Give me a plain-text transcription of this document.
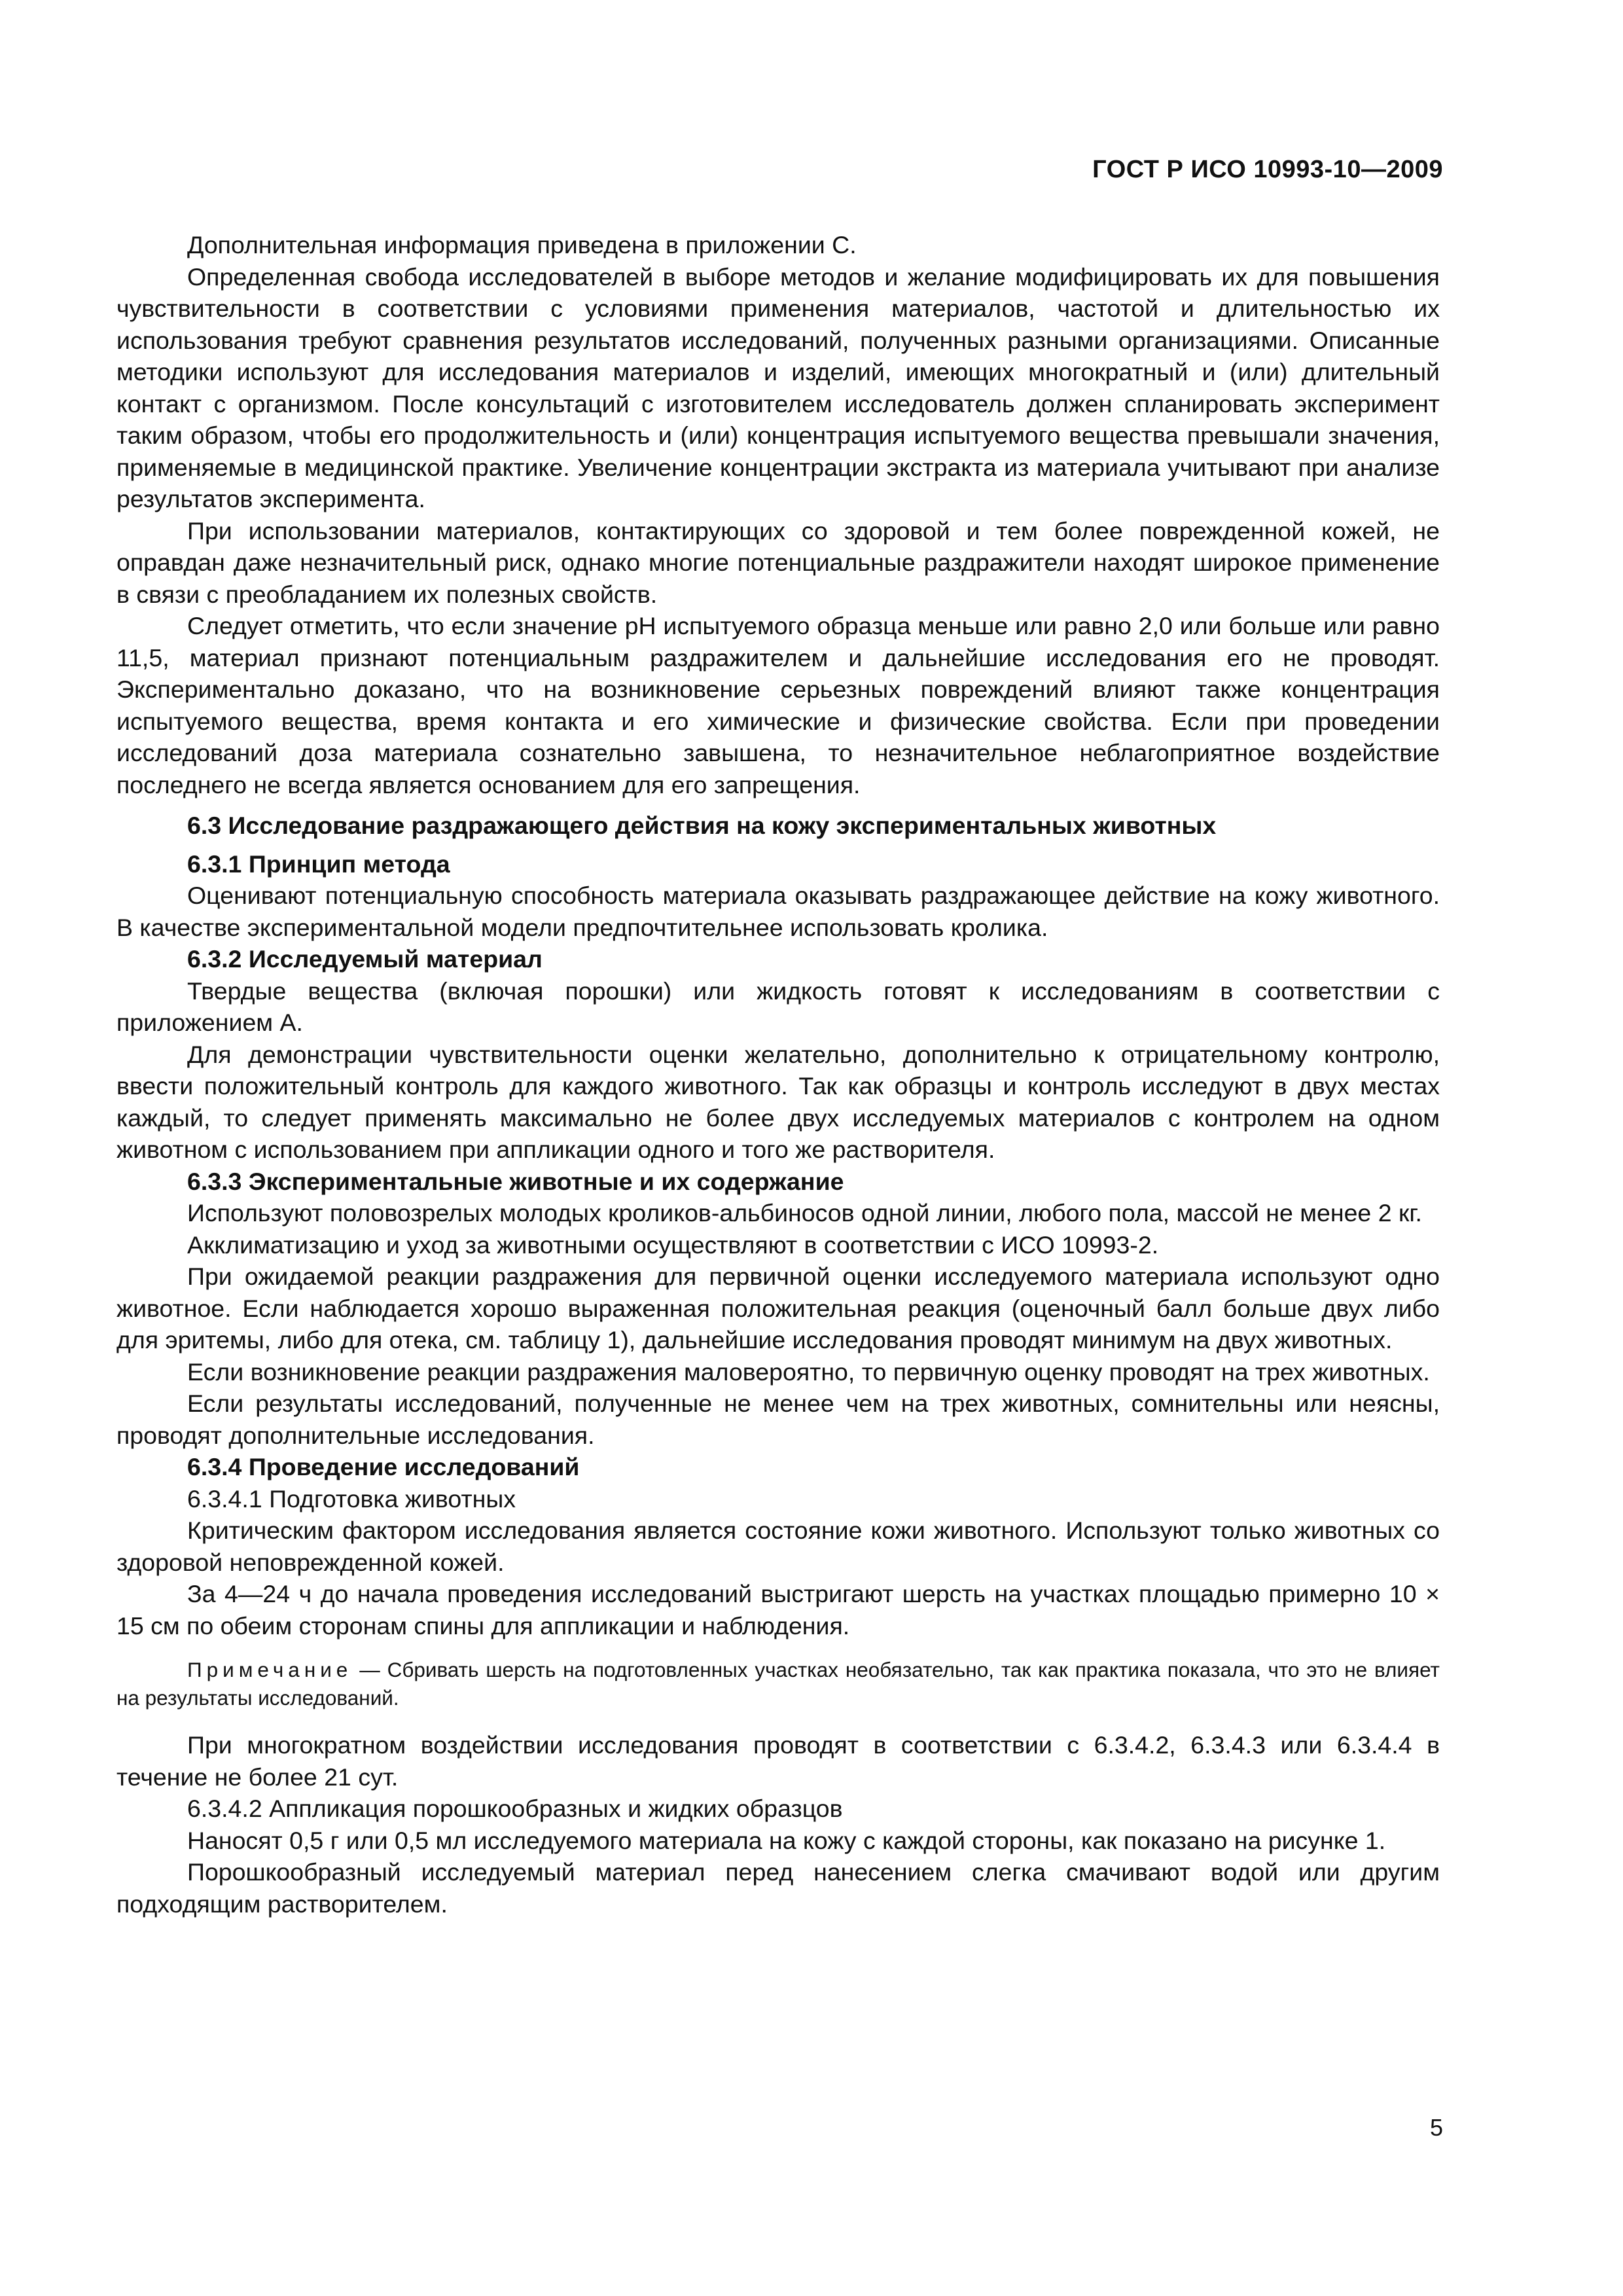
ГОСТ Р ИСО 10993-10—2009

Дополнительная информация приведена в приложении С.

Определенная свобода исследователей в выборе методов и желание модифицировать их для повышения чувствительности в соответствии с условиями применения материалов, частотой и длительностью их использования требуют сравнения результатов исследований, полученных разными организациями. Описанные методики используют для исследования материалов и изделий, имеющих многократный и (или) длительный контакт с организмом. После консультаций с изготовителем исследователь должен спланировать эксперимент таким образом, чтобы его продолжительность и (или) концентрация испытуемого вещества превышали значения, применяемые в медицинской практике. Увеличение концентрации экстракта из материала учитывают при анализе результатов эксперимента.

При использовании материалов, контактирующих со здоровой и тем более поврежденной кожей, не оправдан даже незначительный риск, однако многие потенциальные раздражители находят широкое применение в связи с преобладанием их полезных свойств.

Следует отметить, что если значение рН испытуемого образца меньше или равно 2,0 или больше или равно 11,5, материал признают потенциальным раздражителем и дальнейшие исследования его не проводят. Экспериментально доказано, что на возникновение серьезных повреждений влияют также концентрация испытуемого вещества, время контакта и его химические и физические свойства. Если при проведении исследований доза материала сознательно завышена, то незначительное неблагоприятное воздействие последнего не всегда является основанием для его запрещения.

6.3 Исследование раздражающего действия на кожу экспериментальных животных
6.3.1 Принцип метода

Оценивают потенциальную способность материала оказывать раздражающее действие на кожу животного. В качестве экспериментальной модели предпочтительнее использовать кролика.

6.3.2 Исследуемый материал

Твердые вещества (включая порошки) или жидкость готовят к исследованиям в соответствии с приложением А.

Для демонстрации чувствительности оценки желательно, дополнительно к отрицательному контролю, ввести положительный контроль для каждого животного. Так как образцы и контроль исследуют в двух местах каждый, то следует применять максимально не более двух исследуемых материалов с контролем на одном животном с использованием при аппликации одного и того же растворителя.

6.3.3 Экспериментальные животные и их содержание

Используют половозрелых молодых кроликов-альбиносов одной линии, любого пола, массой не менее 2 кг.

Акклиматизацию и уход за животными осуществляют в соответствии с ИСО 10993-2.

При ожидаемой реакции раздражения для первичной оценки исследуемого материала используют одно животное. Если наблюдается хорошо выраженная положительная реакция (оценочный балл больше двух либо для эритемы, либо для отека, см. таблицу 1), дальнейшие исследования проводят минимум на двух животных.

Если возникновение реакции раздражения маловероятно, то первичную оценку проводят на трех животных.

Если результаты исследований, полученные не менее чем на трех животных, сомнительны или неясны, проводят дополнительные исследования.

6.3.4 Проведение исследований
6.3.4.1 Подготовка животных

Критическим фактором исследования является состояние кожи животного. Используют только животных со здоровой неповрежденной кожей.

За 4—24 ч до начала проведения исследований выстригают шерсть на участках площадью примерно 10 × 15 см по обеим сторонам спины для аппликации и наблюдения.

Примечание — Сбривать шерсть на подготовленных участках необязательно, так как практика показала, что это не влияет на результаты исследований.

При многократном воздействии исследования проводят в соответствии с 6.3.4.2, 6.3.4.3 или 6.3.4.4 в течение не более 21 сут.

6.3.4.2 Аппликация порошкообразных и жидких образцов

Наносят 0,5 г или 0,5 мл исследуемого материала на кожу с каждой стороны, как показано на рисунке 1.

Порошкообразный исследуемый материал перед нанесением слегка смачивают водой или другим подходящим растворителем.

5
